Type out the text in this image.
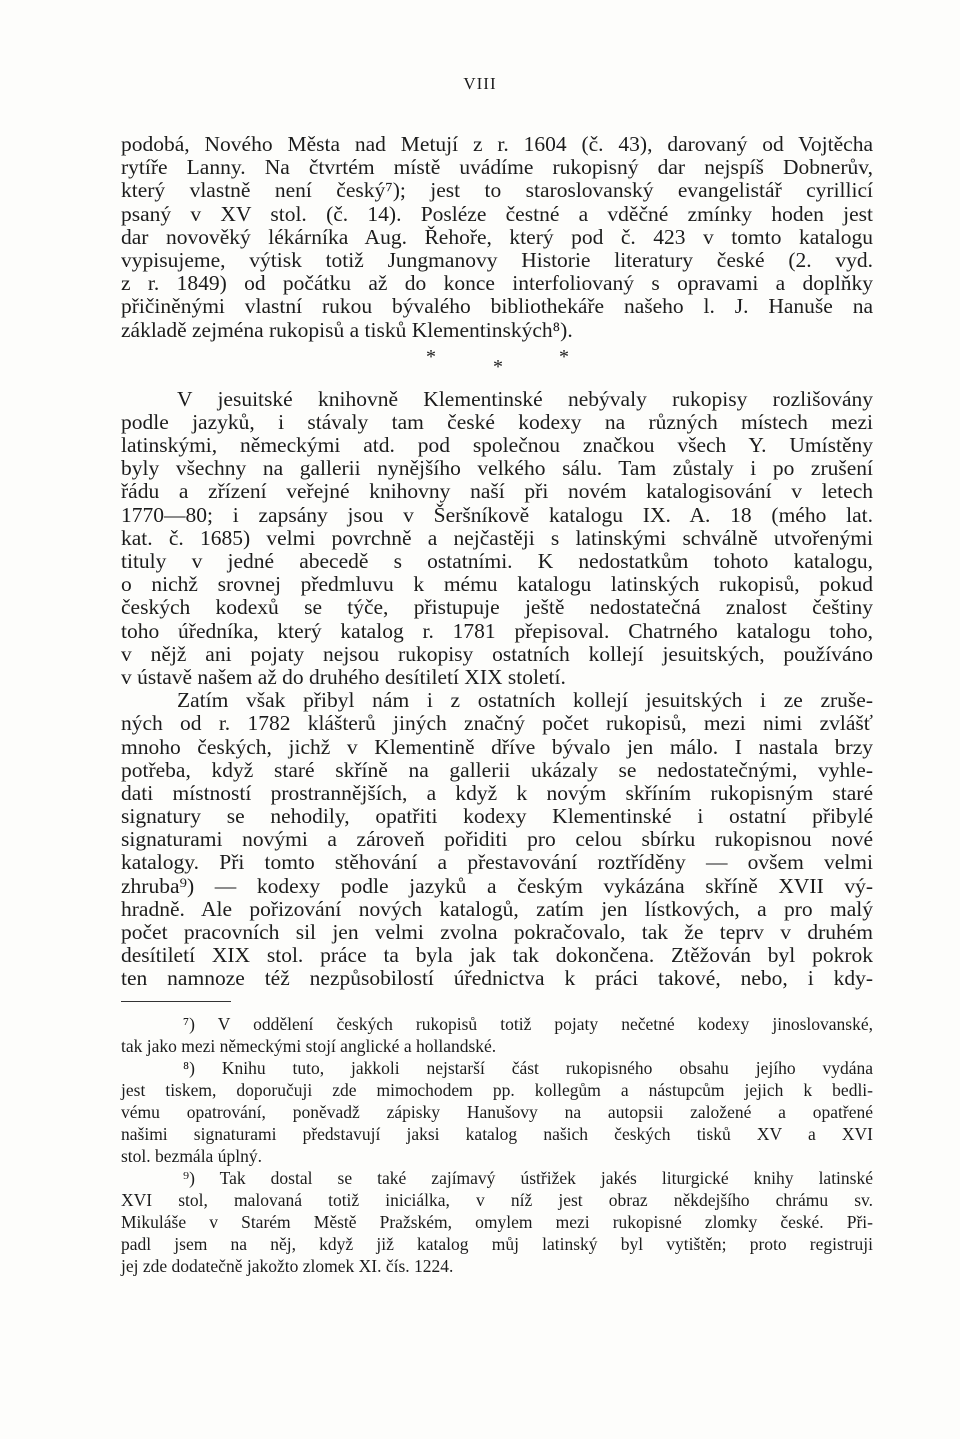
VIII
podobá, Nového Města nad Metují z r. 1604 (č. 43), darovaný od Vojtěcha
rytíře Lanny. Na čtvrtém místě uvádíme rukopisný dar nejspíš Dobnerův,
který vlastně není český⁷); jest to staroslovanský evangelistář cyrillicí
psaný v XV stol. (č. 14). Posléze čestné a vděčné zmínky hoden jest
dar novověký lékárníka Aug. Řehoře, který pod č. 423 v tomto katalogu
vypisujeme, výtisk totiž Jungmanovy Historie literatury české (2. vyd.
z r. 1849) od počátku až do konce interfoliovaný s opravami a doplňky
přičiněnými vlastní rukou bývalého bibliothekáře našeho l. J. Hanuše na
základě zejména rukopisů a tisků Klementinských⁸).
*	*
*
V jesuitské knihovně Klementinské nebývaly rukopisy rozlišovány
podle jazyků, i stávaly tam české kodexy na různých místech mezi
latinskými, německými atd. pod společnou značkou všech Y. Umístěny
byly všechny na gallerii nynějšího velkého sálu. Tam zůstaly i po zrušení
řádu a zřízení veřejné knihovny naší při novém katalogisování v letech
1770—80; i zapsány jsou v Šeršníkově katalogu IX. A. 18 (mého lat.
kat. č. 1685) velmi povrchně a nejčastěji s latinskými schválně utvořenými
tituly v jedné abecedě s ostatními. K nedostatkům tohoto katalogu,
o nichž srovnej předmluvu k mému katalogu latinských rukopisů, pokud
českých kodexů se týče, přistupuje ještě nedostatečná znalost češtiny
toho úředníka, který katalog r. 1781 přepisoval. Chatrného katalogu toho,
v nějž ani pojaty nejsou rukopisy ostatních kollejí jesuitských, používáno
v ústavě našem až do druhého desítiletí XIX století.
Zatím však přibyl nám i z ostatních kollejí jesuitských i ze zruše-
ných od r. 1782 klášterů jiných značný počet rukopisů, mezi nimi zvlášť
mnoho českých, jichž v Klementině dříve bývalo jen málo. I nastala brzy
potřeba, když staré skříně na gallerii ukázaly se nedostatečnými, vyhle-
dati místností prostrannějších, a když k novým skříním rukopisným staré
signatury se nehodily, opatřiti kodexy Klementinské i ostatní přibylé
signaturami novými a zároveň pořiditi pro celou sbírku rukopisnou nové
katalogy. Při tomto stěhování a přestavování roztříděny — ovšem velmi
zhruba⁹) — kodexy podle jazyků a českým vykázána skříně XVII vý-
hradně. Ale pořizování nových katalogů, zatím jen lístkových, a pro malý
počet pracovních sil jen velmi zvolna pokračovalo, tak že teprv v druhém
desítiletí XIX stol. práce ta byla jak tak dokončena. Ztěžován byl pokrok
ten namnoze též nezpůsobilostí úřednictva k práci takové, nebo, i kdy-
⁷) V oddělení českých rukopisů totiž pojaty nečetné kodexy jinoslovanské,
tak jako mezi německými stojí anglické a hollandské.
⁸) Knihu tuto, jakkoli nejstarší část rukopisného obsahu jejího vydána
jest tiskem, doporučuji zde mimochodem pp. kollegům a nástupcům jejich k bedli-
vému opatrování, poněvadž zápisky Hanušovy na autopsii založené a opatřené
našimi signaturami představují jaksi katalog našich českých tisků XV a XVI
stol. bezmála úplný.
⁹) Tak dostal se také zajímavý ústřižek jakés liturgické knihy latinské
XVI stol, malovaná totiž iniciálka, v níž jest obraz někdejšího chrámu sv.
Mikuláše v Starém Městě Pražském, omylem mezi rukopisné zlomky české. Při-
padl jsem na něj, když již katalog můj latinský byl vytištěn; proto registruji
jej zde dodatečně jakožto zlomek XI. čís. 1224.
